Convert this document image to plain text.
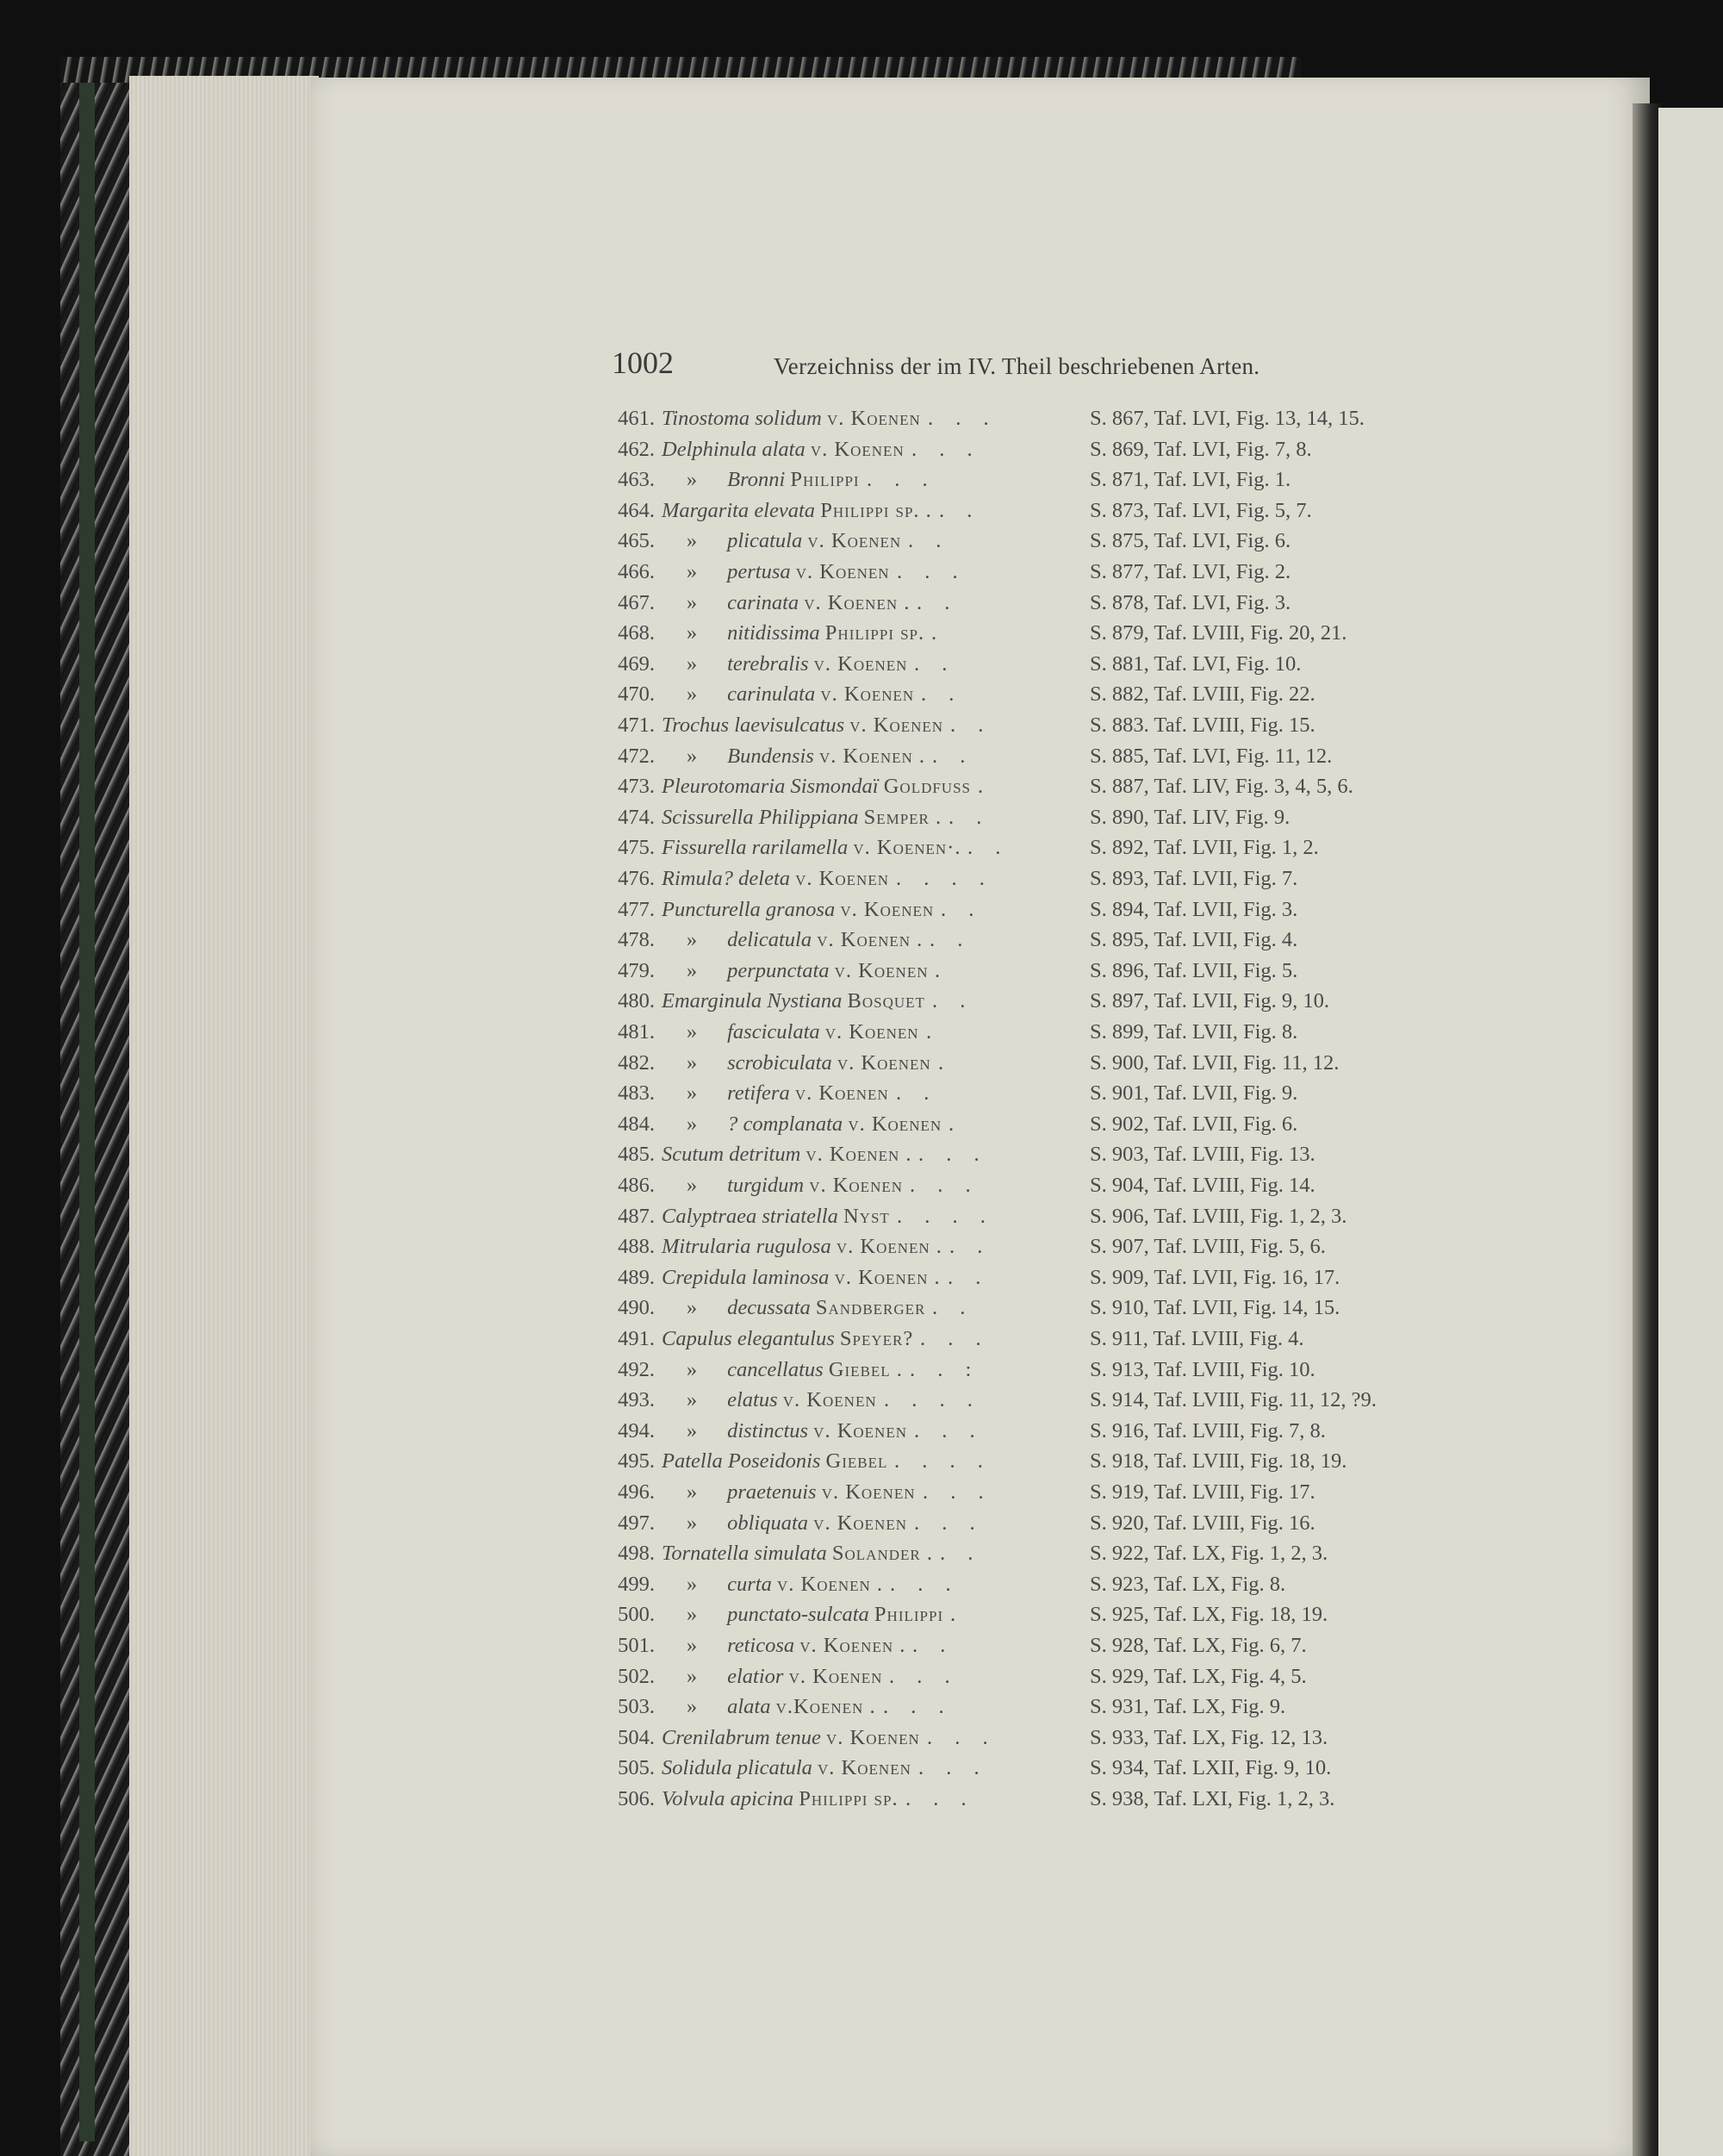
1002	Verzeichniss der im IV. Theil beschriebenen Arten.
461. Tinostoma solidum v. Koenen . . .	S. 867, Taf. LVI, Fig. 13, 14, 15.
462. Delphinula alata v. Koenen . . .	S. 869, Taf. LVI, Fig. 7, 8.
463.	» Bronni Philippi . . .	S. 871, Taf. LVI, Fig. 1.
464. Margarita elevata Philippi sp. . . .	S. 873, Taf. LVI, Fig. 5, 7.
465.	» plicatula v. Koenen . .	S. 875, Taf. LVI, Fig. 6.
466.	» pertusa v. Koenen . . .	S. 877, Taf. LVI, Fig. 2.
467.	» carinata v. Koenen . . .	S. 878, Taf. LVI, Fig. 3.
468.	» nitidissima Philippi sp. .	S. 879, Taf. LVIII, Fig. 20, 21.
469.	» terebralis v. Koenen . .	S. 881, Taf. LVI, Fig. 10.
470.	» carinulata v. Koenen . .	S. 882, Taf. LVIII, Fig. 22.
471. Trochus laevisulcatus v. Koenen . .	S. 883. Taf. LVIII, Fig. 15.
472.	» Bundensis v. Koenen . . .	S. 885, Taf. LVI, Fig. 11, 12.
473. Pleurotomaria Sismondaï Goldfuss .	S. 887, Taf. LIV, Fig. 3, 4, 5, 6.
474. Scissurella Philippiana Semper . . .	S. 890, Taf. LIV, Fig. 9.
475. Fissurella rarilamella v. Koenen·. . .	S. 892, Taf. LVII, Fig. 1, 2.
476. Rimula? deleta v. Koenen . . . .	S. 893, Taf. LVII, Fig. 7.
477. Puncturella granosa v. Koenen . .	S. 894, Taf. LVII, Fig. 3.
478.	» delicatula v. Koenen . . .	S. 895, Taf. LVII, Fig. 4.
479.	» perpunctata v. Koenen .	S. 896, Taf. LVII, Fig. 5.
480. Emarginula Nystiana Bosquet . .	S. 897, Taf. LVII, Fig. 9, 10.
481.	» fasciculata v. Koenen .	S. 899, Taf. LVII, Fig. 8.
482.	» scrobiculata v. Koenen .	S. 900, Taf. LVII, Fig. 11, 12.
483.	» retifera v. Koenen . .	S. 901, Taf. LVII, Fig. 9.
484.	» ? complanata v. Koenen .	S. 902, Taf. LVII, Fig. 6.
485. Scutum detritum v. Koenen . . . .	S. 903, Taf. LVIII, Fig. 13.
486.	» turgidum v. Koenen . . .	S. 904, Taf. LVIII, Fig. 14.
487. Calyptraea striatella Nyst . . . .	S. 906, Taf. LVIII, Fig. 1, 2, 3.
488. Mitrularia rugulosa v. Koenen . . .	S. 907, Taf. LVIII, Fig. 5, 6.
489. Crepidula laminosa v. Koenen . . .	S. 909, Taf. LVII, Fig. 16, 17.
490.	» decussata Sandberger . .	S. 910, Taf. LVII, Fig. 14, 15.
491. Capulus elegantulus Speyer? . . .	S. 911, Taf. LVIII, Fig. 4.
492.	» cancellatus Giebel . . . :	S. 913, Taf. LVIII, Fig. 10.
493.	» elatus v. Koenen . . . .	S. 914, Taf. LVIII, Fig. 11, 12, ?9.
494.	» distinctus v. Koenen . . .	S. 916, Taf. LVIII, Fig. 7, 8.
495. Patella Poseidonis Giebel . . . .	S. 918, Taf. LVIII, Fig. 18, 19.
496.	» praetenuis v. Koenen . . .	S. 919, Taf. LVIII, Fig. 17.
497.	» obliquata v. Koenen . . .	S. 920, Taf. LVIII, Fig. 16.
498. Tornatella simulata Solander . . .	S. 922, Taf. LX, Fig. 1, 2, 3.
499.	» curta v. Koenen . . . .	S. 923, Taf. LX, Fig. 8.
500.	» punctato-sulcata Philippi .	S. 925, Taf. LX, Fig. 18, 19.
501.	» reticosa v. Koenen . . .	S. 928, Taf. LX, Fig. 6, 7.
502.	» elatior v. Koenen . . .	S. 929, Taf. LX, Fig. 4, 5.
503.	» alata v.Koenen . . . .	S. 931, Taf. LX, Fig. 9.
504. Crenilabrum tenue v. Koenen . . .	S. 933, Taf. LX, Fig. 12, 13.
505. Solidula plicatula v. Koenen . . .	S. 934, Taf. LXII, Fig. 9, 10.
506. Volvula apicina Philippi sp. . . .	S. 938, Taf. LXI, Fig. 1, 2, 3.
